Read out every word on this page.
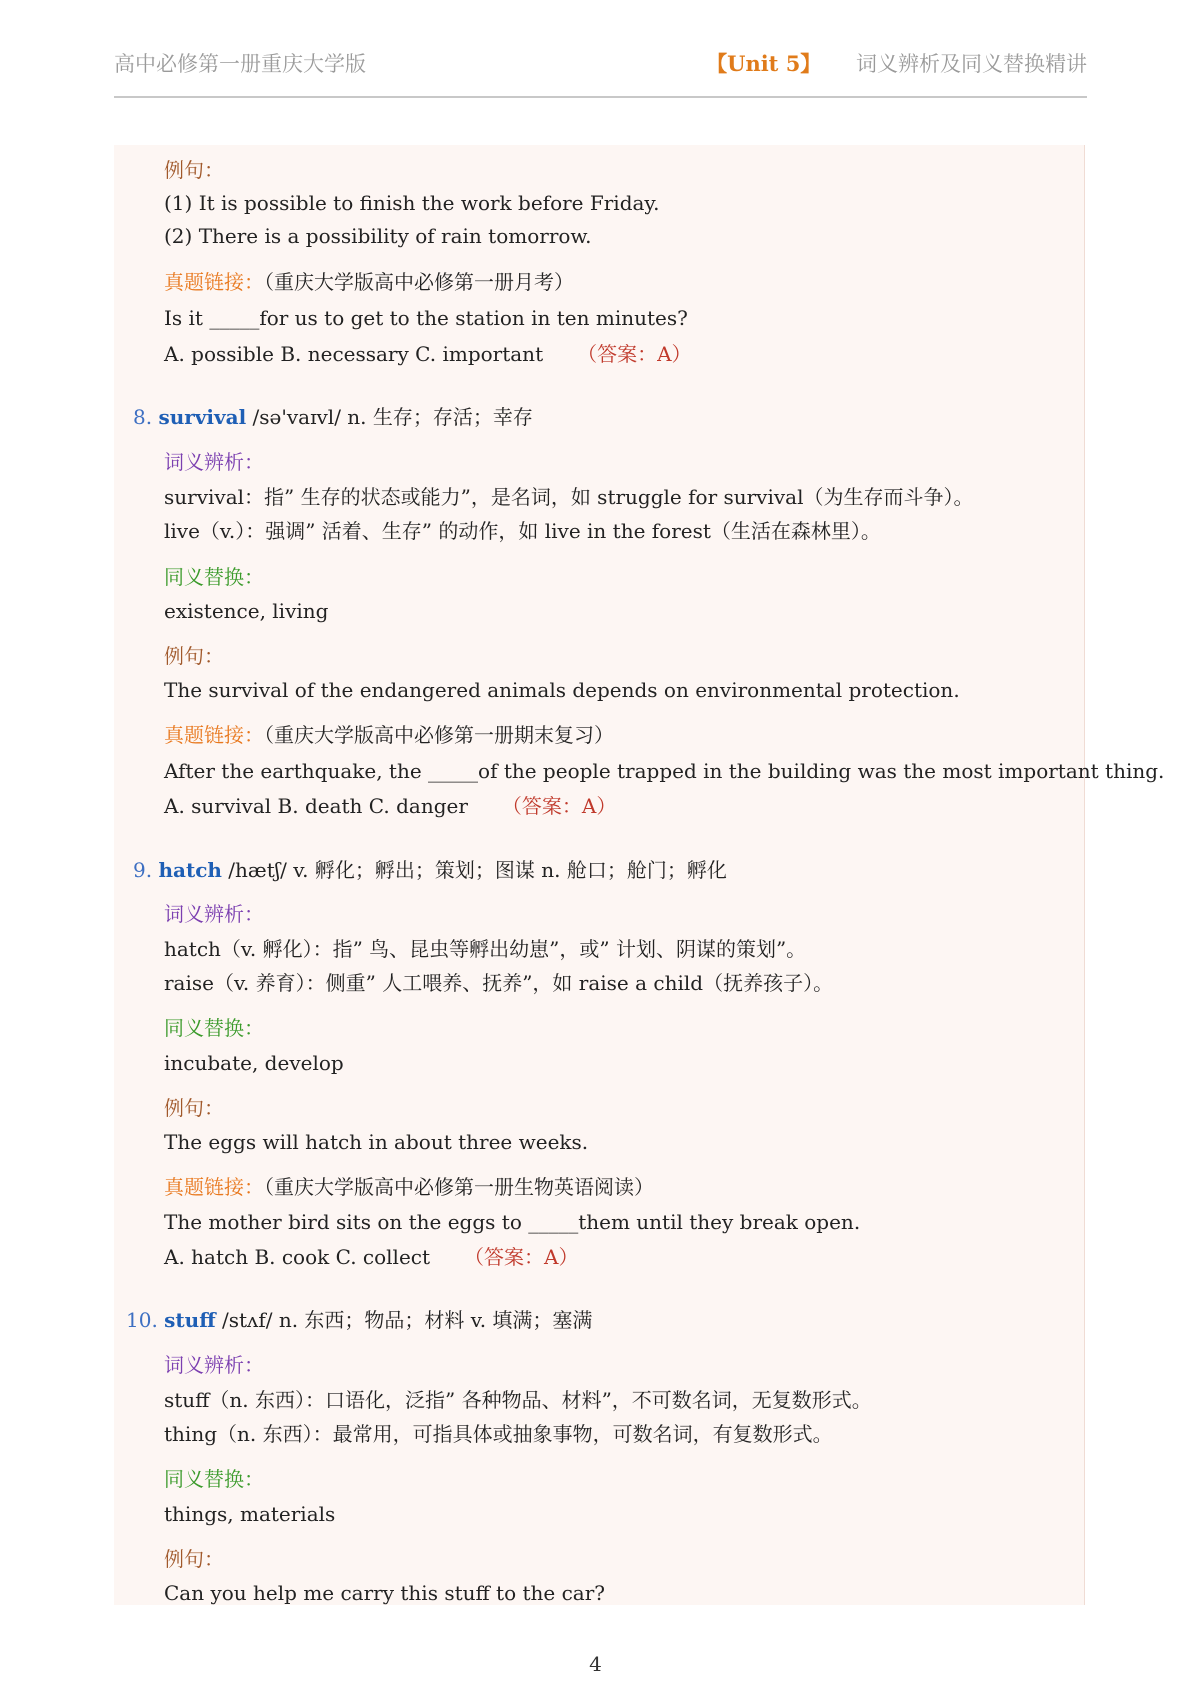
高中必修第一册重庆大学版	【Unit 5】 词义辨析及同义替换精讲
例句：
(1) It is possible to finish the work before Friday.
(2) There is a possibility of rain tomorrow.
真题链接：（重庆大学版高中必修第一册月考）
Is it _____for us to get to the station in ten minutes?
A. possible B. necessary C. important （答案：A）
8. survival /sə'vaɪvl/ n. 生存；存活；幸存
词义辨析：
survival：指” 生存的状态或能力”，是名词，如 struggle for survival（为生存而斗争）。
live（v.）：强调” 活着、生存” 的动作，如 live in the forest（生活在森林里）。
同义替换：
existence, living
例句：
The survival of the endangered animals depends on environmental protection.
真题链接：（重庆大学版高中必修第一册期末复习）
After the earthquake, the _____of the people trapped in the building was the most important thing.
A. survival B. death C. danger （答案：A）
9. hatch /hætʃ/ v. 孵化；孵出；策划；图谋 n. 舱口；舱门；孵化
词义辨析：
hatch（v. 孵化）：指” 鸟、昆虫等孵出幼崽”，或” 计划、阴谋的策划”。
raise（v. 养育）：侧重” 人工喂养、抚养”，如 raise a child（抚养孩子）。
同义替换：
incubate, develop
例句：
The eggs will hatch in about three weeks.
真题链接：（重庆大学版高中必修第一册生物英语阅读）
The mother bird sits on the eggs to _____them until they break open.
A. hatch B. cook C. collect （答案：A）
10. stuff /stʌf/ n. 东西；物品；材料 v. 填满；塞满
词义辨析：
stuff（n. 东西）：口语化，泛指” 各种物品、材料”，不可数名词，无复数形式。
thing（n. 东西）：最常用，可指具体或抽象事物，可数名词，有复数形式。
同义替换：
things, materials
例句：
Can you help me carry this stuff to the car?
4
